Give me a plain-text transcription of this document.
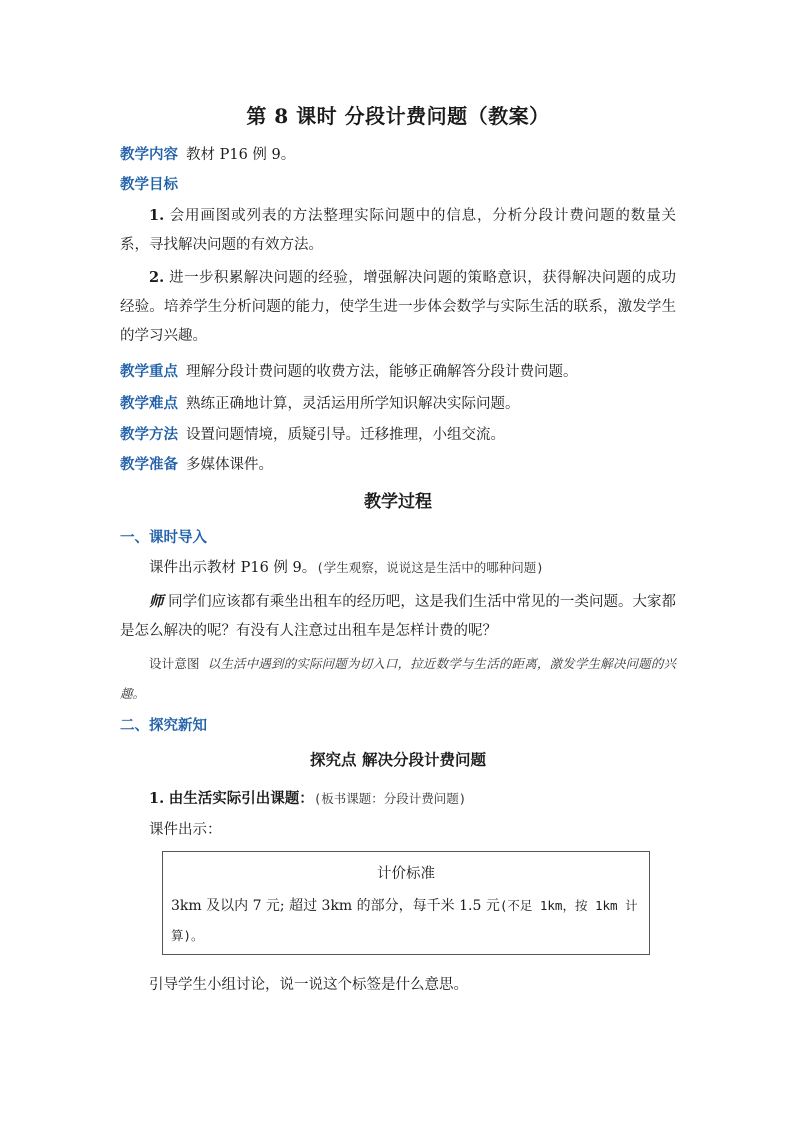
第 8 课时 分段计费问题（教案）
教学内容 教材 P16 例 9。
教学目标
1. 会用画图或列表的方法整理实际问题中的信息，分析分段计费问题的数量关系，寻找解决问题的有效方法。
2. 进一步积累解决问题的经验，增强解决问题的策略意识，获得解决问题的成功经验。培养学生分析问题的能力，使学生进一步体会数学与实际生活的联系，激发学生的学习兴趣。
教学重点 理解分段计费问题的收费方法，能够正确解答分段计费问题。
教学难点 熟练正确地计算，灵活运用所学知识解决实际问题。
教学方法 设置问题情境，质疑引导。迁移推理，小组交流。
教学准备 多媒体课件。
教学过程
一、课时导入
课件出示教材 P16 例 9。(学生观察，说说这是生活中的哪种问题)
师 同学们应该都有乘坐出租车的经历吧，这是我们生活中常见的一类问题。大家都是怎么解决的呢？有没有人注意过出租车是怎样计费的呢？
设计意图 以生活中遇到的实际问题为切入口，拉近数学与生活的距离，激发学生解决问题的兴趣。
二、探究新知
探究点 解决分段计费问题
1. 由生活实际引出课题：(板书课题：分段计费问题)
课件出示：
计价标准
3km 及以内 7 元; 超过 3km 的部分，每千米 1.5 元(不足 1km，按 1km 计算)。
引导学生小组讨论，说一说这个标签是什么意思。
